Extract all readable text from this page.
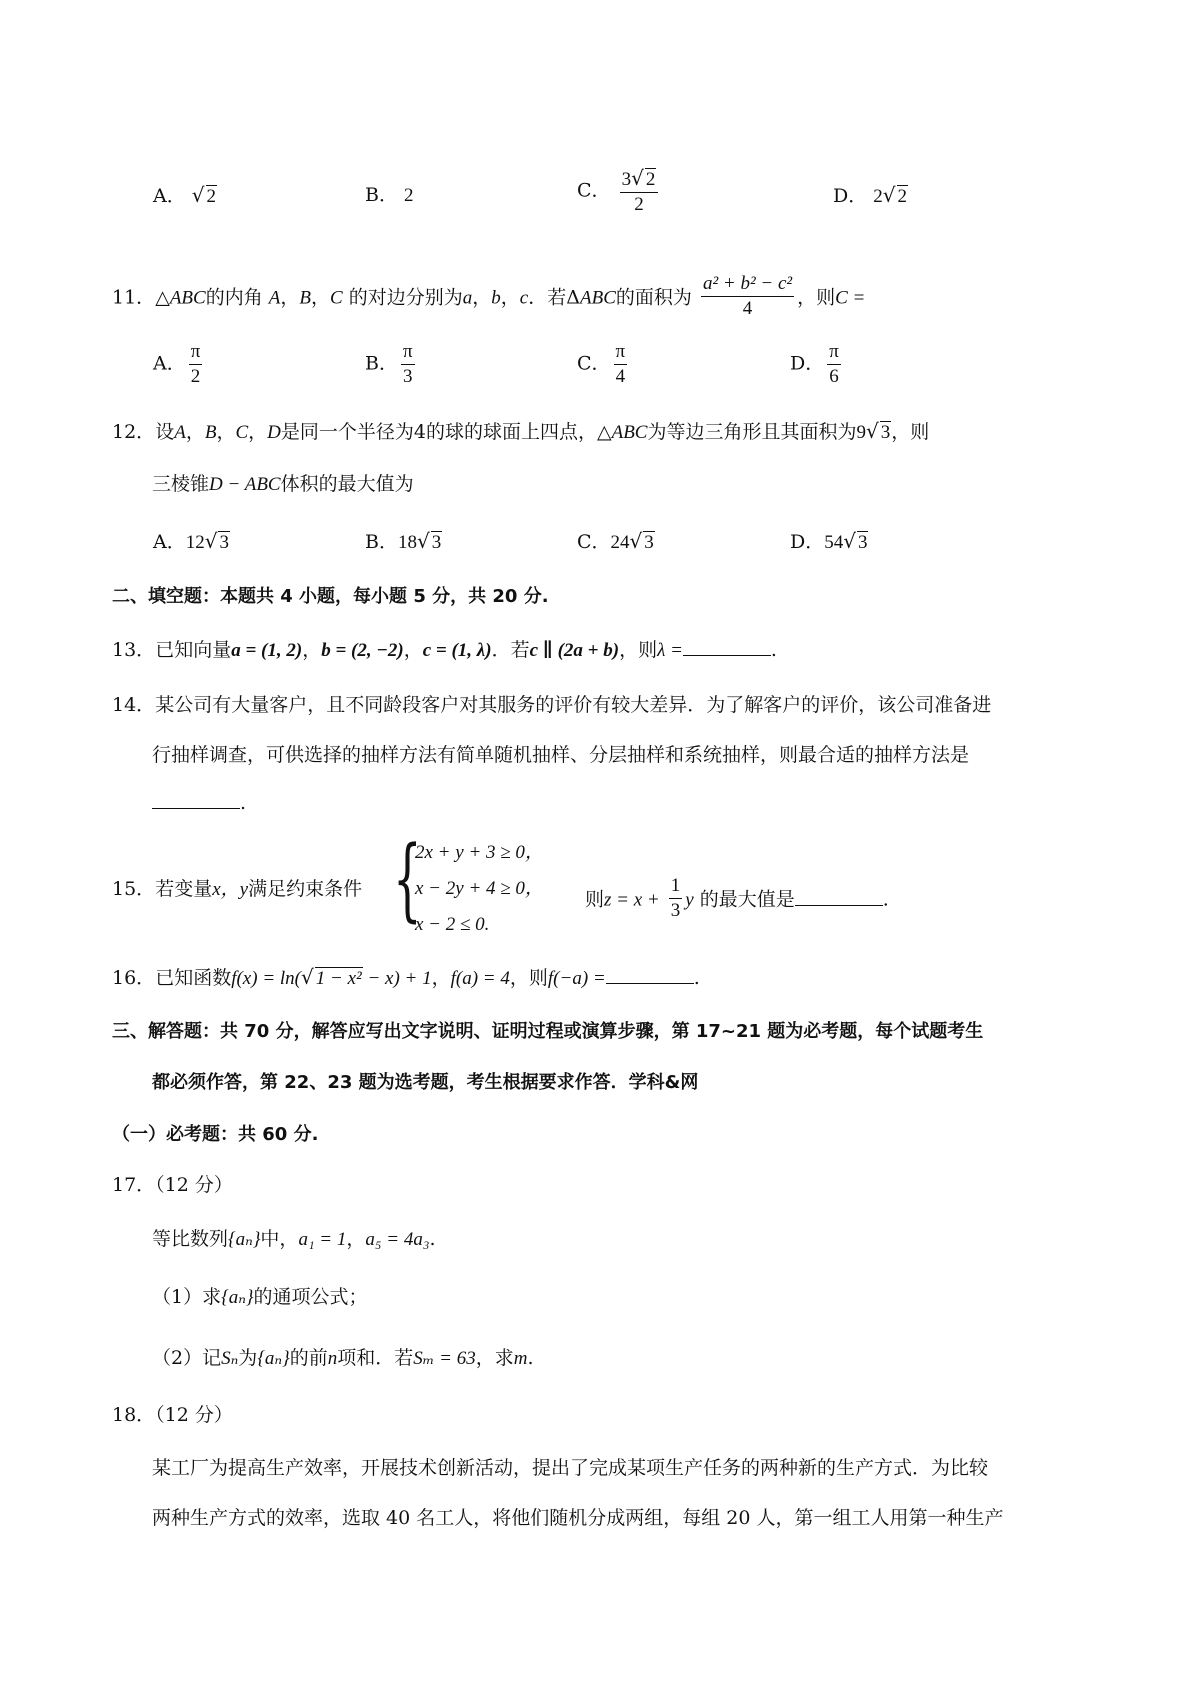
A． √ 2	B． 2	C． $\frac{3√ 2}{2}$	D． 2√ 2
11．△ABC的内角 A，B，C 的对边分别为a，b，c．若ΔABC的面积为 $\frac{\text{a² + b² − c²}}{4}$ ，则C =
A． $\frac{\pi}{2}$	B． $\frac{\pi}{3}$	C． $\frac{\pi}{4}$	D． $\frac{\pi}{6}$
12．设A，B，C，D是同一个半径为4的球的球面上四点，△ABC为等边三角形且其面积为9√ 3，则
三棱锥D − ABC体积的最大值为
A．12√ 3	B．18√ 3	C．24√ 3	D．54√ 3
二、填空题：本题共 4 小题，每小题 5 分，共 20 分.
13．已知向量a = (1, 2)，b = (2, −2)，c = (1, λ)．若c ∥ (2a + b)，则λ =	.
14．某公司有大量客户，且不同龄段客户对其服务的评价有较大差异．为了解客户的评价，该公司准备进
行抽样调查，可供选择的抽样方法有简单随机抽样、分层抽样和系统抽样，则最合适的抽样方法是
.
15．若变量x，y满足约束条件 {
2x + y + 3 ≥ 0，
x − 2y + 4 ≥ 0，
x − 2 ≤ 0.
则$z = x + \frac{1}{3}$ y 的最大值是	.
16．已知函数f(x) = ln(√ 1 − x² − x) + 1，f(a) = 4，则f(−a) =	.
三、解答题：共 70 分，解答应写出文字说明、证明过程或演算步骤，第 17~21 题为必考题，每个试题考生
都必须作答，第 22、23 题为选考题，考生根据要求作答．学科&网
（一）必考题：共 60 分.
17．（12 分）
等比数列{aₙ}中，a₁ = 1，a₅ = 4a₃.
（1）求{aₙ}的通项公式；
（2）记Sₙ为{aₙ}的前n项和．若Sₘ = 63，求m.
18．（12 分）
某工厂为提高生产效率，开展技术创新活动，提出了完成某项生产任务的两种新的生产方式．为比较
两种生产方式的效率，选取 40 名工人，将他们随机分成两组，每组 20 人，第一组工人用第一种生产
